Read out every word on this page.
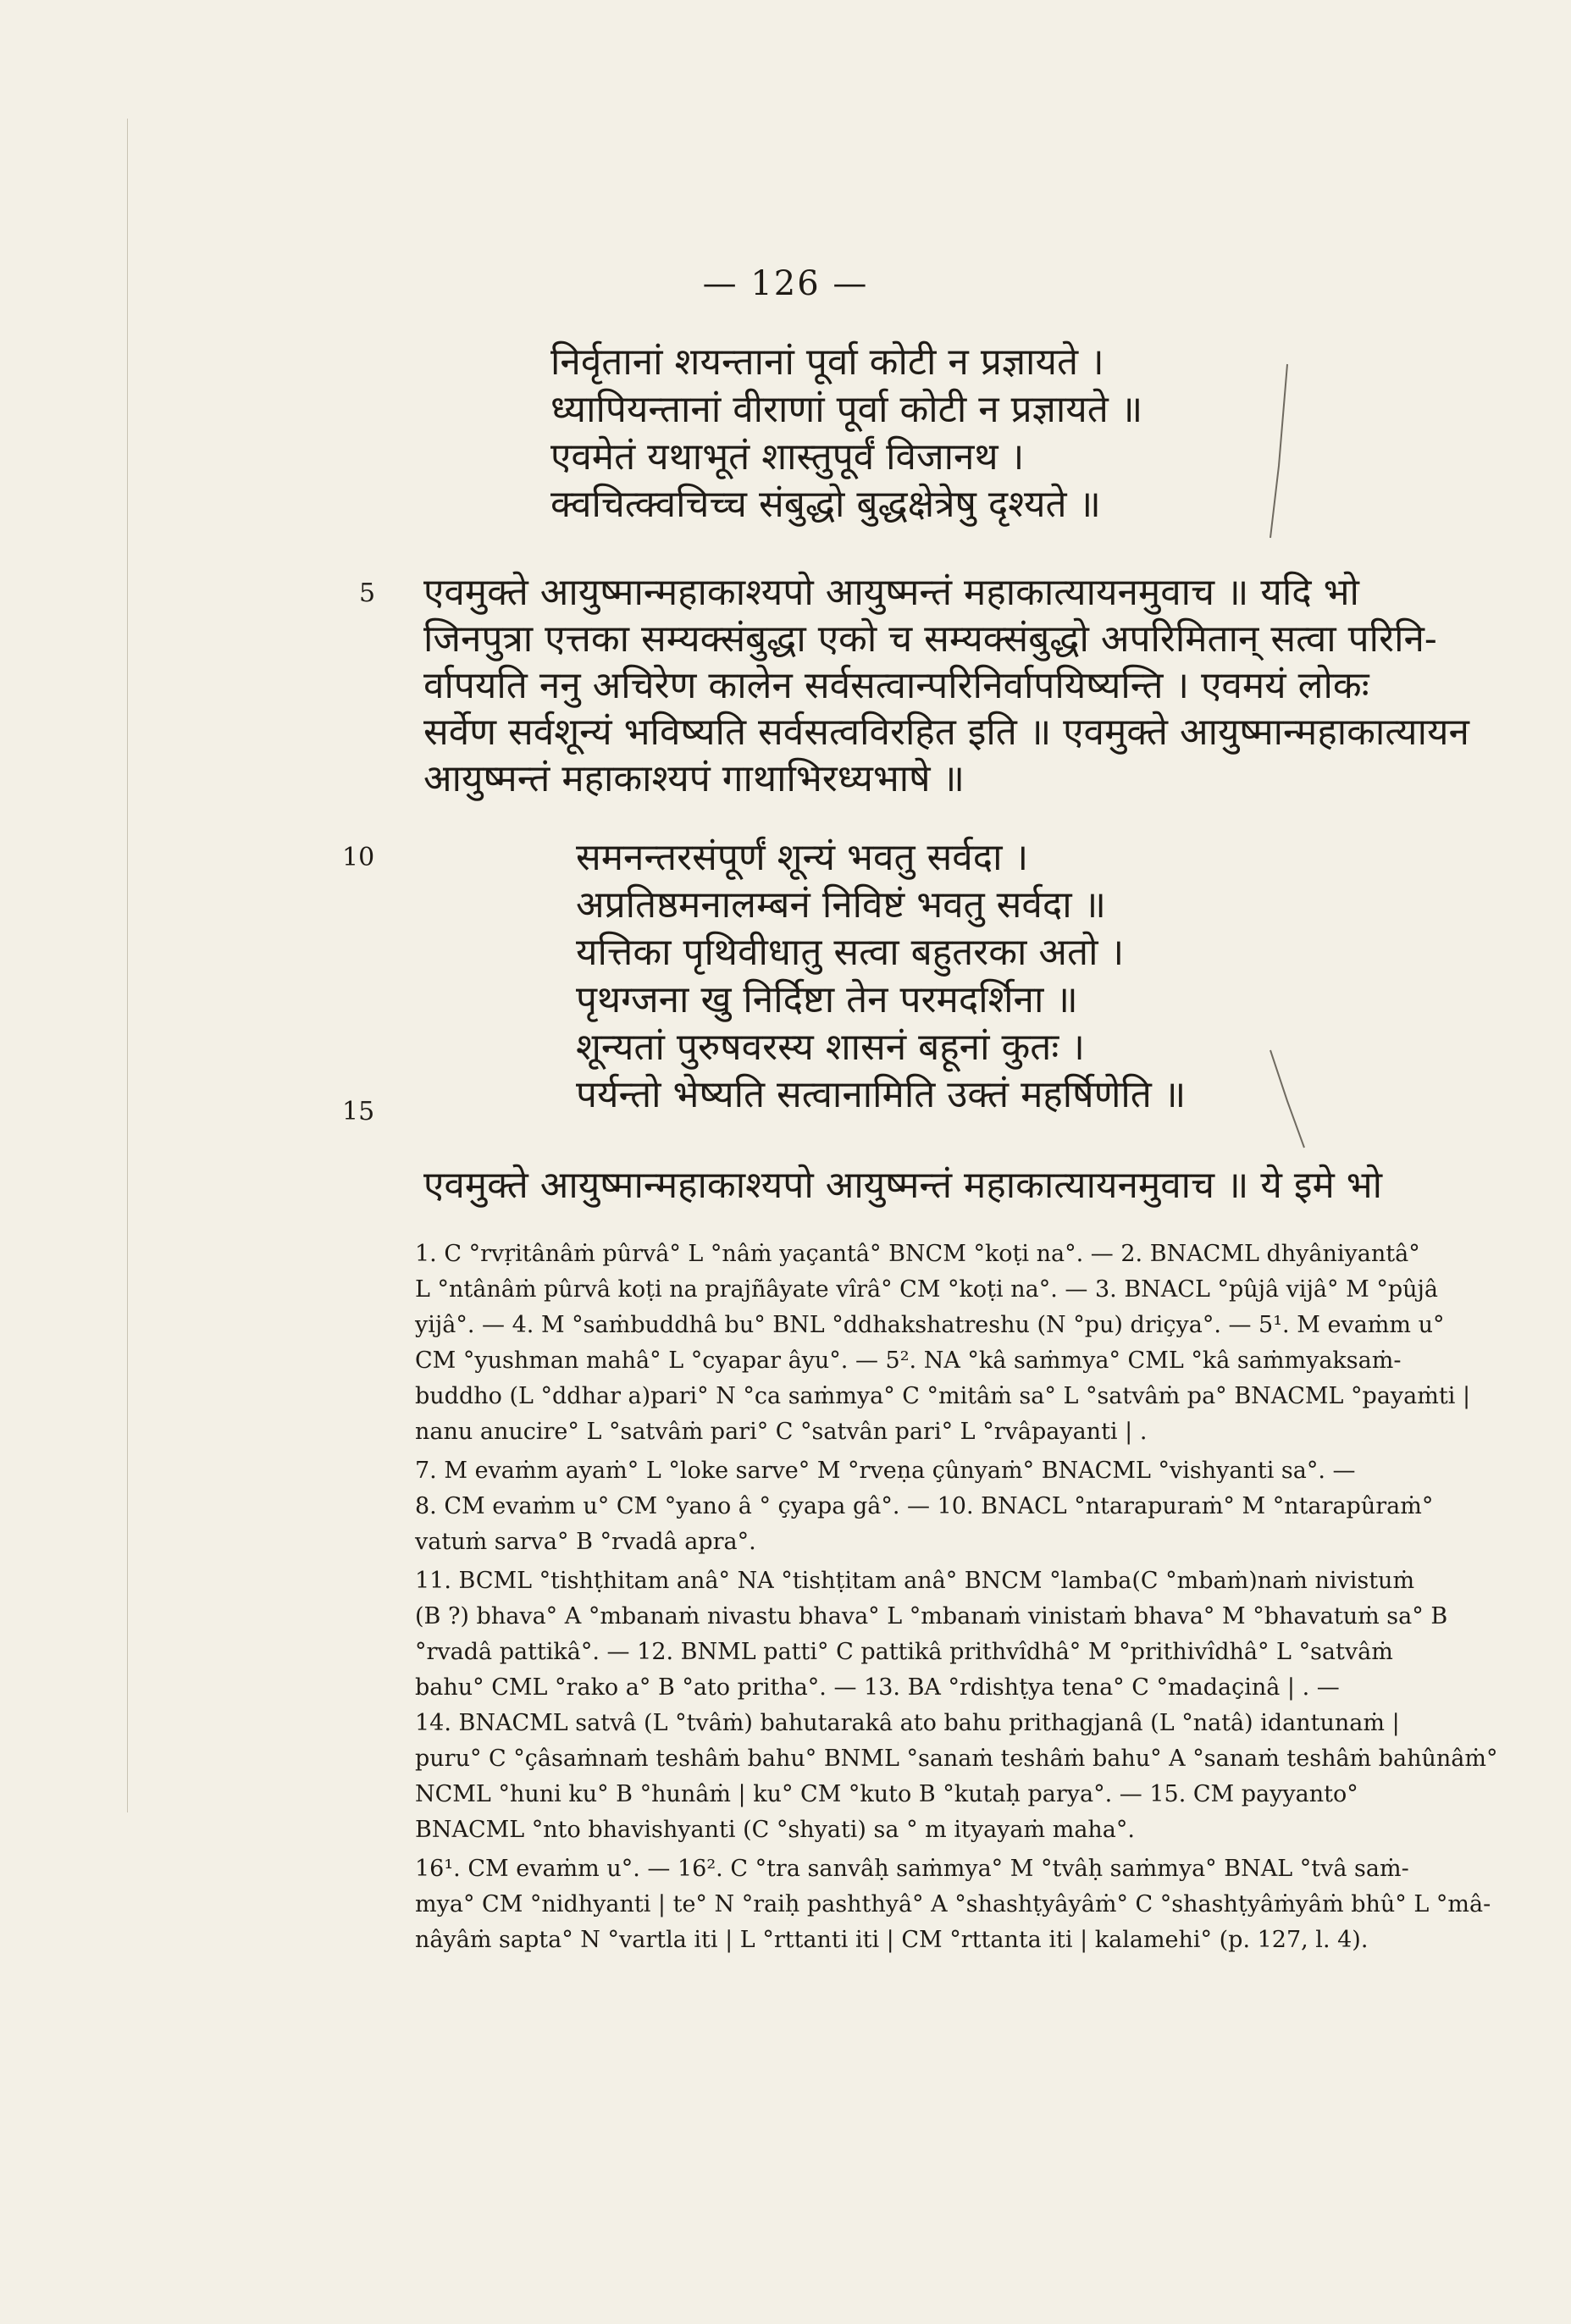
— 126 —
निर्वृतानां शयन्तानां पूर्वा कोटी न प्रज्ञायते ।
ध्यापियन्तानां वीराणां पूर्वा कोटी न प्रज्ञायते ॥
एवमेतं यथाभूतं शास्तुपूर्वं विजानथ ।
क्वचित्क्वचिच्च संबुद्धो बुद्धक्षेत्रेषु दृश्यते ॥
5 एवमुक्ते आयुष्मान्महाकाश्यपो आयुष्मन्तं महाकात्यायनमुवाच ॥ यदि भो
जिनपुत्रा एत्तका सम्यक्संबुद्धा एको च सम्यक्संबुद्धो अपरिमितान् सत्वा परिनि-
र्वापयति ननु अचिरेण कालेन सर्वसत्वान्परिनिर्वापयिष्यन्ति । एवमयं लोकः
सर्वेण सर्वशून्यं भविष्यति सर्वसत्वविरहित इति ॥ एवमुक्ते आयुष्मान्महाकात्यायन
आयुष्मन्तं महाकाश्यपं गाथाभिरध्यभाषे ॥
10	समनन्तरसंपूर्णं शून्यं भवतु सर्वदा ।
अप्रतिष्ठमनालम्बनं निविष्टं भवतु सर्वदा ॥
यत्तिका पृथिवीधातु सत्वा बहुतरका अतो ।
पृथग्जना खु निर्दिष्टा तेन परमदर्शिना ॥
शून्यतां पुरुषवरस्य शासनं बहूनां कुतः ।
पर्यन्तो भेष्यति सत्वानामिति उक्तं महर्षिणेति ॥
15
एवमुक्ते आयुष्मान्महाकाश्यपो आयुष्मन्तं महाकात्यायनमुवाच ॥ ये इमे भो
1. C °rvṛitânâṁ pûrvâ° L °nâṁ yaçantâ° BNCM °koṭi na°. — 2. BNACML dhyâniyantâ°
L °ntânâṁ pûrvâ koṭi na prajñâyate vîrâ° CM °koṭi na°. — 3. BNACL °pûjâ vijâ° M °pûjâ
yijâ°. — 4. M °saṁbuddhâ bu° BNL °ddhakshatreshu (N °pu) driçya°. — 5¹. M evaṁm u°
CM °yushman mahâ° L °cyapar âyu°. — 5². NA °kâ saṁmya° CML °kâ saṁmyaksaṁ-
buddho (L °ddhar a)pari° N °ca saṁmya° C °mitâṁ sa° L °satvâṁ pa° BNACML °payaṁti |
nanu anucire° L °satvâṁ pari° C °satvân pari° L °rvâpayanti | .
7. M evaṁm ayaṁ° L °loke sarve° M °rveṇa çûnyaṁ° BNACML °vishyanti sa°. —
8. CM evaṁm u° CM °yano â ° çyapa gâ°. — 10. BNACL °ntarapuraṁ° M °ntarapûraṁ°
vatuṁ sarva° B °rvadâ apra°.
11. BCML °tishṭhitam anâ° NA °tishṭitam anâ° BNCM °lamba(C °mbaṁ)naṁ nivistuṁ
(B ?) bhava° A °mbanaṁ nivastu bhava° L °mbanaṁ vinistaṁ bhava° M °bhavatuṁ sa° B
°rvadâ pattikâ°. — 12. BNML patti° C pattikâ prithvîdhâ° M °prithivîdhâ° L °satvâṁ
bahu° CML °rako a° B °ato pritha°. — 13. BA °rdishṭya tena° C °madaçinâ | . —
14. BNACML satvâ (L °tvâṁ) bahutarakâ ato bahu prithagjanâ (L °natâ) idantunaṁ |
puru° C °çâsaṁnaṁ teshâṁ bahu° BNML °sanaṁ teshâṁ bahu° A °sanaṁ teshâṁ bahûnâṁ°
NCML °huni ku° B °hunâṁ | ku° CM °kuto B °kutaḥ parya°. — 15. CM payyanto°
BNACML °nto bhavishyanti (C °shyati) sa ° m ityayaṁ maha°.
16¹. CM evaṁm u°. — 16². C °tra sanvâḥ saṁmya° M °tvâḥ saṁmya° BNAL °tvâ saṁ-
mya° CM °nidhyanti | te° N °raiḥ pashthyâ° A °shashṭyâyâṁ° C °shashṭyâṁyâṁ bhû° L °mâ-
nâyâṁ sapta° N °vartla iti | L °rttanti iti | CM °rttanta iti | kalamehi° (p. 127, l. 4).
